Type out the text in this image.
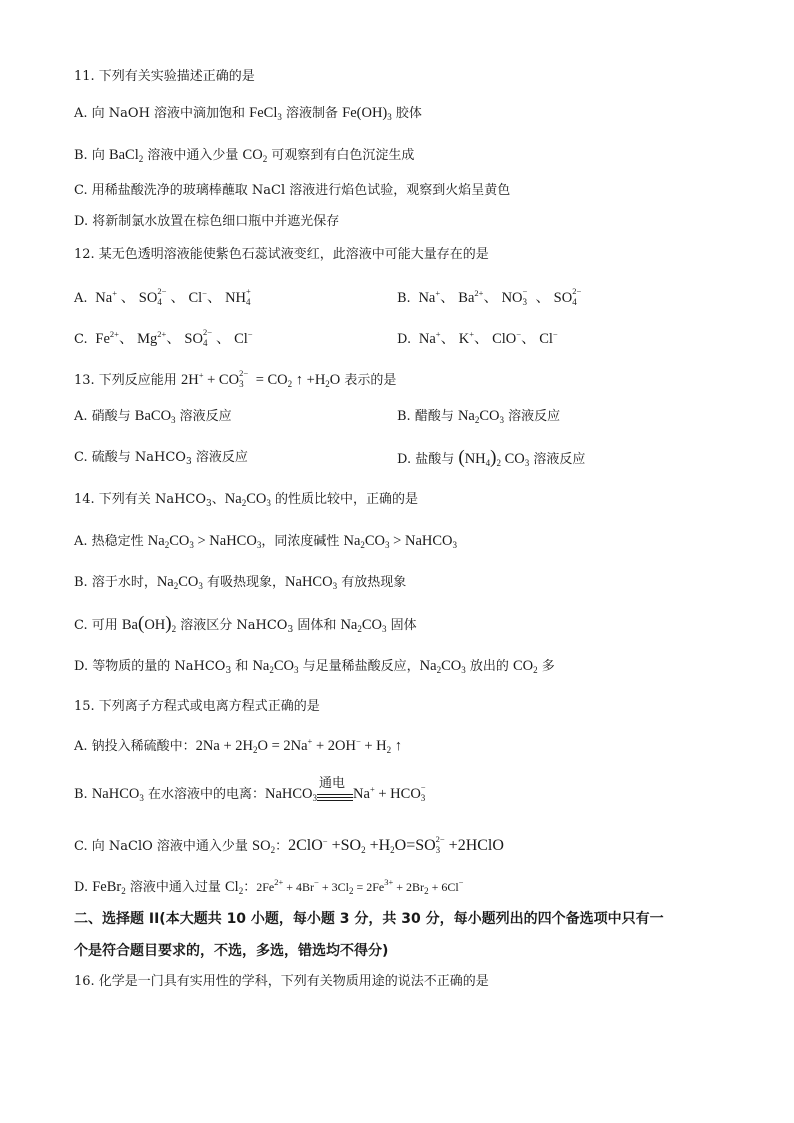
11. 下列有关实验描述正确的是
A. 向 NaOH 溶液中滴加饱和 FeCl$_3$ 溶液制备 $Fe(OH)_3$ 胶体
B. 向 BaCl$_2$ 溶液中通入少量 $CO_2$ 可观察到有白色沉淀生成
C. 用稀盐酸洗净的玻璃棒蘸取 NaCl 溶液进行焰色试验，观察到火焰呈黄色
D. 将新制氯水放置在棕色细口瓶中并遮光保存
12. 某无色透明溶液能使紫色石蕊试液变红，此溶液中可能大量存在的是
A.  Na+ 、 SO 2−
4 、 Cl−、 NH +
4	B.  Na+、 $Ba^{2+}$、 NO −
3 、 SO 2−
4
C.  $Fe^{2+}$、 $Mg^{2+}$、 SO 2−
4 、 Cl−	D.  Na+、 K+、 ClO−、 Cl−
13. 下列反应能用 2H+ + CO 2−
$3 = CO_2$ ↑ $+H_2O$ 表示的是
A. 硝酸与 BaCO$_3$ 溶液反应	B. 醋酸与 $Na_2CO_3$ 溶液反应
C. 硫酸与 NaHCO$_3$ 溶液反应	D. 盐酸与 $(NH_4)_2$ $CO_3$ 溶液反应
14. 下列有关 NaHCO$_3$、$Na_2CO_3$ 的性质比较中，正确的是
A. 热稳定性 $Na_2CO_3$ > NaHCO$_3$，同浓度碱性 $Na_2CO_3$ > NaHCO$_3$
B. 溶于水时，$Na_2CO_3$ 有吸热现象，NaHCO$_3$ 有放热现象
C. 可用 $Ba(OH)_2$ 溶液区分 NaHCO$_3$ 固体和 $Na_2CO_3$ 固体
D. 等物质的量的 NaHCO$_3$ 和 $Na_2CO_3$ 与足量稀盐酸反应，$Na_2CO_3$ 放出的 $CO_2$ 多
15. 下列离子方程式或电离方程式正确的是
A. 钠投入稀硫酸中：$2Na + 2H_2O = 2Na^+ + 2OH^- + H_2$ ↑
B. NaHCO$_3$ 在水溶液中的电离：NaHCO$_3$
通电
Na+ + HCO −
3
C. 向 NaClO 溶液中通入少量 $SO_2$：$2ClO^- +SO_2 +H_2O=SO$ 2−
3 +2HClO
D. FeBr$_2$ 溶液中通入过量 $Cl_2$：$2Fe^{2+} + 4Br^- + 3Cl_2 = 2Fe^{3+} + 2Br_2 + 6Cl^-$
二、选择题 II(本大题共 10 小题，每小题 3 分，共 30 分，每小题列出的四个备选项中只有一
个是符合题目要求的，不选，多选，错选均不得分)
16. 化学是一门具有实用性的学科，下列有关物质用途的说法不正确的是
